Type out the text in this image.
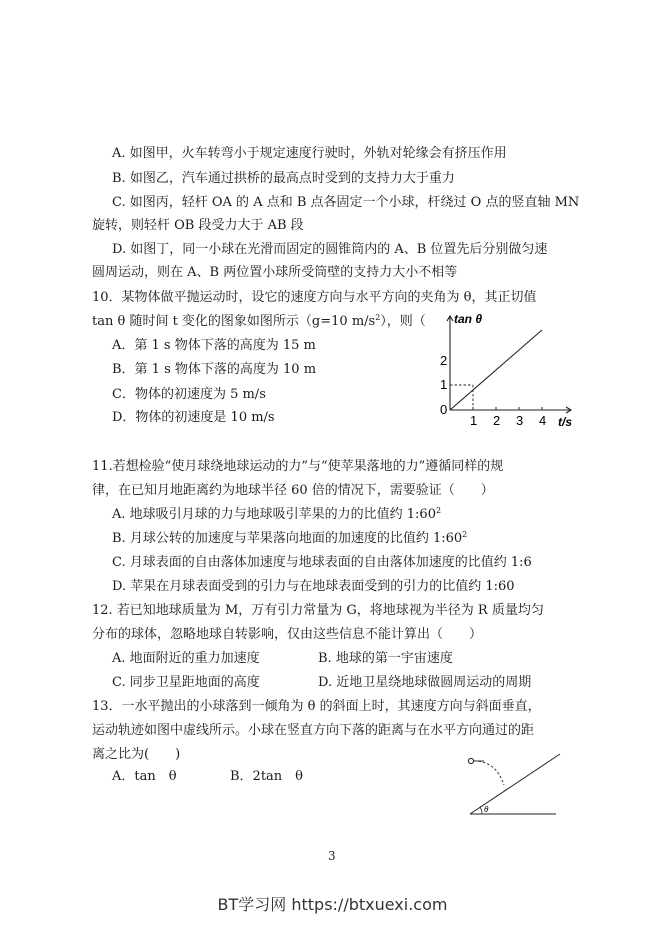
A. 如图甲，火车转弯小于规定速度行驶时，外轨对轮缘会有挤压作用
B. 如图乙，汽车通过拱桥的最高点时受到的支持力大于重力
C. 如图丙，轻杆 OA 的 A 点和 B 点各固定一个小球，杆绕过 O 点的竖直轴 MN
旋转，则轻杆 OB 段受力大于 AB 段
D. 如图丁，同一小球在光滑而固定的圆锥筒内的 A、B 位置先后分别做匀速
圆周运动，则在 A、B 两位置小球所受筒壁的支持力大小不相等
10．某物体做平抛运动时，设它的速度方向与水平方向的夹角为 θ，其正切值
tan θ 随时间 t 变化的图象如图所示（g=10 $m/s^2$），则（
A．第 1 s 物体下落的高度为 15 m
B．第 1 s 物体下落的高度为 10 m
C．物体的初速度为 5 m/s
D．物体的初速度是 10 m/s
tan θ
t/s
0
1 2 3 4
1
2
11.若想检验“使月球绕地球运动的力”与“使苹果落地的力”遵循同样的规
律，在已知月地距离约为地球半径 60 倍的情况下，需要验证（　　）
A. 地球吸引月球的力与地球吸引苹果的力的比值约 $1:60^2$
B. 月球公转的加速度与苹果落向地面的加速度的比值约 $1:60^2$
C. 月球表面的自由落体加速度与地球表面的自由落体加速度的比值约 1:6
D. 苹果在月球表面受到的引力与在地球表面受到的引力的比值约 1:60
12. 若已知地球质量为 M，万有引力常量为 G，将地球视为半径为 R 质量均匀
分布的球体，忽略地球自转影响，仅由这些信息不能计算出（　　）
A. 地面附近的重力加速度	B. 地球的第一宇宙速度
C. 同步卫星距地面的高度	D. 近地卫星绕地球做圆周运动的周期
13．一水平抛出的小球落到一倾角为 θ 的斜面上时，其速度方向与斜面垂直，
运动轨迹如图中虚线所示。小球在竖直方向下落的距离与在水平方向通过的距
离之比为(　　)
A．tan　θ	B．2tan　θ
θ
3
BT学习网 https://btxuexi.com
